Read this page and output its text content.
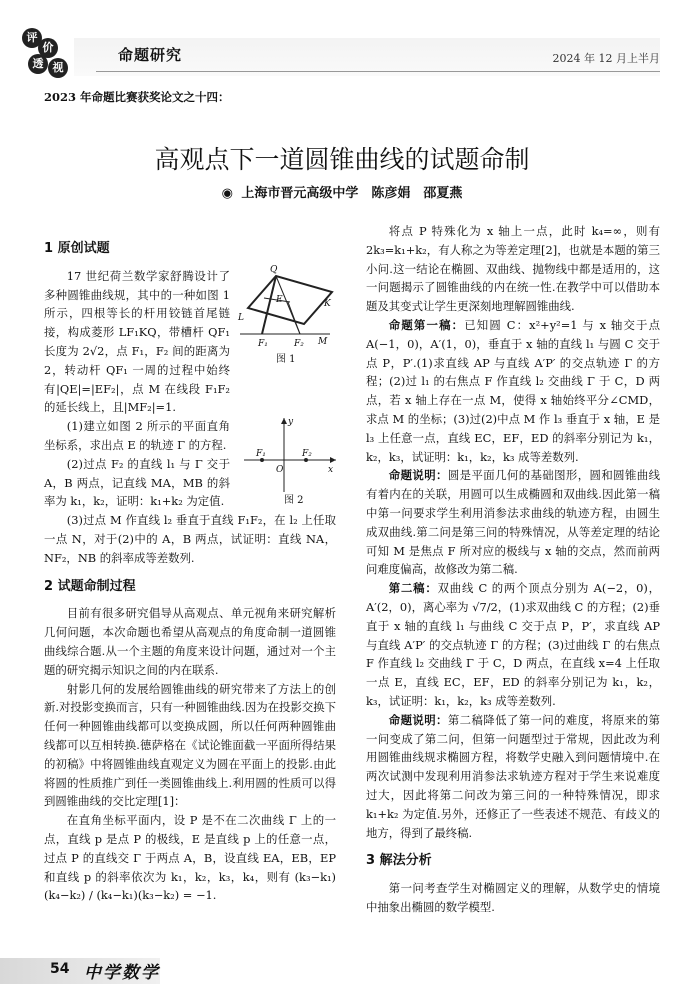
评
价
透 视
命题研究	2024 年 12 月上半月
2023 年命题比赛获奖论文之十四：
高观点下一道圆锥曲线的试题命制
◉ 上海市晋元高级中学　陈彦娟　邵夏燕
Q
E	K
L
F₁	F₂ M
图 1
y
F₁
O
F₂
x
图 2
1 原创试题

17 世纪荷兰数学家舒腾设计了多种圆锥曲线规，其中的一种如图 1 所示，四根等长的杆用铰链首尾链接，构成菱形 LF₁KQ，带槽杆 QF₁ 长度为 2√2，点 F₁，F₂ 间的距离为 2，转动杆 QF₁ 一周的过程中始终有|QE|=|EF₂|，点 M 在线段 F₁F₂ 的延长线上，且|MF₂|=1.

(1)建立如图 2 所示的平面直角坐标系，求出点 E 的轨迹 Γ 的方程.

(2)过点 F₂ 的直线 l₁ 与 Γ 交于 A，B 两点，记直线 MA，MB 的斜率为 k₁，k₂，证明：k₁+k₂ 为定值.

(3)过点 M 作直线 l₂ 垂直于直线 F₁F₂，在 l₂ 上任取一点 N，对于(2)中的 A，B 两点，试证明：直线 NA，NF₂，NB 的斜率成等差数列.

2 试题命制过程

目前有很多研究倡导从高观点、单元视角来研究解析几何问题，本次命题也希望从高观点的角度命制一道圆锥曲线综合题.从一个主题的角度来设计问题，通过对一个主题的研究揭示知识之间的内在联系.

射影几何的发展给圆锥曲线的研究带来了方法上的创新.对投影变换而言，只有一种圆锥曲线.因为在投影交换下任何一种圆锥曲线都可以变换成圆，所以任何两种圆锥曲线都可以互相转换.德萨格在《试论锥面截一平面所得结果的初稿》中将圆锥曲线直观定义为圆在平面上的投影.由此将圆的性质推广到任一类圆锥曲线上.利用圆的性质可以得到圆锥曲线的交比定理[1]：

在直角坐标平面内，设 P 是不在二次曲线 Γ 上的一点，直线 p 是点 P 的极线，E 是直线 p 上的任意一点，过点 P 的直线交 Γ 于两点 A，B，设直线 EA，EB，EP 和直线 p 的斜率依次为 k₁，k₂，k₃，k₄，则有 (k₃−k₁)(k₄−k₂) / (k₄−k₁)(k₃−k₂) = −1.

将点 P 特殊化为 x 轴上一点，此时 k₄=∞，则有 2k₃=k₁+k₂，有人称之为等差定理[2]，也就是本题的第三小问.这一结论在椭圆、双曲线、抛物线中都是适用的，这一问题揭示了圆锥曲线的内在统一性.在教学中可以借助本题及其变式让学生更深刻地理解圆锥曲线.

命题第一稿：已知圆 C：x²+y²=1 与 x 轴交于点 A(−1，0)，A′(1，0)，垂直于 x 轴的直线 l₁ 与圆 C 交于点 P，P′.(1)求直线 AP 与直线 A′P′ 的交点轨迹 Γ 的方程；(2)过 l₁ 的右焦点 F 作直线 l₂ 交曲线 Γ 于 C，D 两点，若 x 轴上存在一点 M，使得 x 轴始终平分∠CMD，求点 M 的坐标；(3)过(2)中点 M 作 l₃ 垂直于 x 轴，E 是 l₃ 上任意一点，直线 EC，EF，ED 的斜率分别记为 k₁，k₂，k₃，试证明：k₁，k₂，k₃ 成等差数列.

命题说明：圆是平面几何的基础图形，圆和圆锥曲线有着内在的关联，用圆可以生成椭圆和双曲线.因此第一稿中第一问要求学生利用消参法求曲线的轨迹方程，由圆生成双曲线.第二问是第三问的特殊情况，从等差定理的结论可知 M 是焦点 F 所对应的极线与 x 轴的交点，然而前两问难度偏高，故修改为第二稿.

第二稿：双曲线 C 的两个顶点分别为 A(−2，0)，A′(2，0)，离心率为 √7/2，(1)求双曲线 C 的方程；(2)垂直于 x 轴的直线 l₁ 与曲线 C 交于点 P，P′，求直线 AP 与直线 A′P′ 的交点轨迹 Γ 的方程；(3)过曲线 Γ 的右焦点 F 作直线 l₂ 交曲线 Γ 于 C，D 两点，在直线 x=4 上任取一点 E，直线 EC，EF，ED 的斜率分别记为 k₁，k₂，k₃，试证明：k₁，k₂，k₃ 成等差数列.

命题说明：第二稿降低了第一问的难度，将原来的第一问变成了第二问，但第一问题型过于常规，因此改为利用圆锥曲线规求椭圆方程，将数学史融入到问题情境中.在两次试测中发现利用消参法求轨迹方程对于学生来说难度过大，因此将第二问改为第三问的一种特殊情况，即求 k₁+k₂ 为定值.另外，还修正了一些表述不规范、有歧义的地方，得到了最终稿.

3 解法分析

第一问考查学生对椭圆定义的理解，从数学史的情境中抽象出椭圆的数学模型.

54 中学数学
